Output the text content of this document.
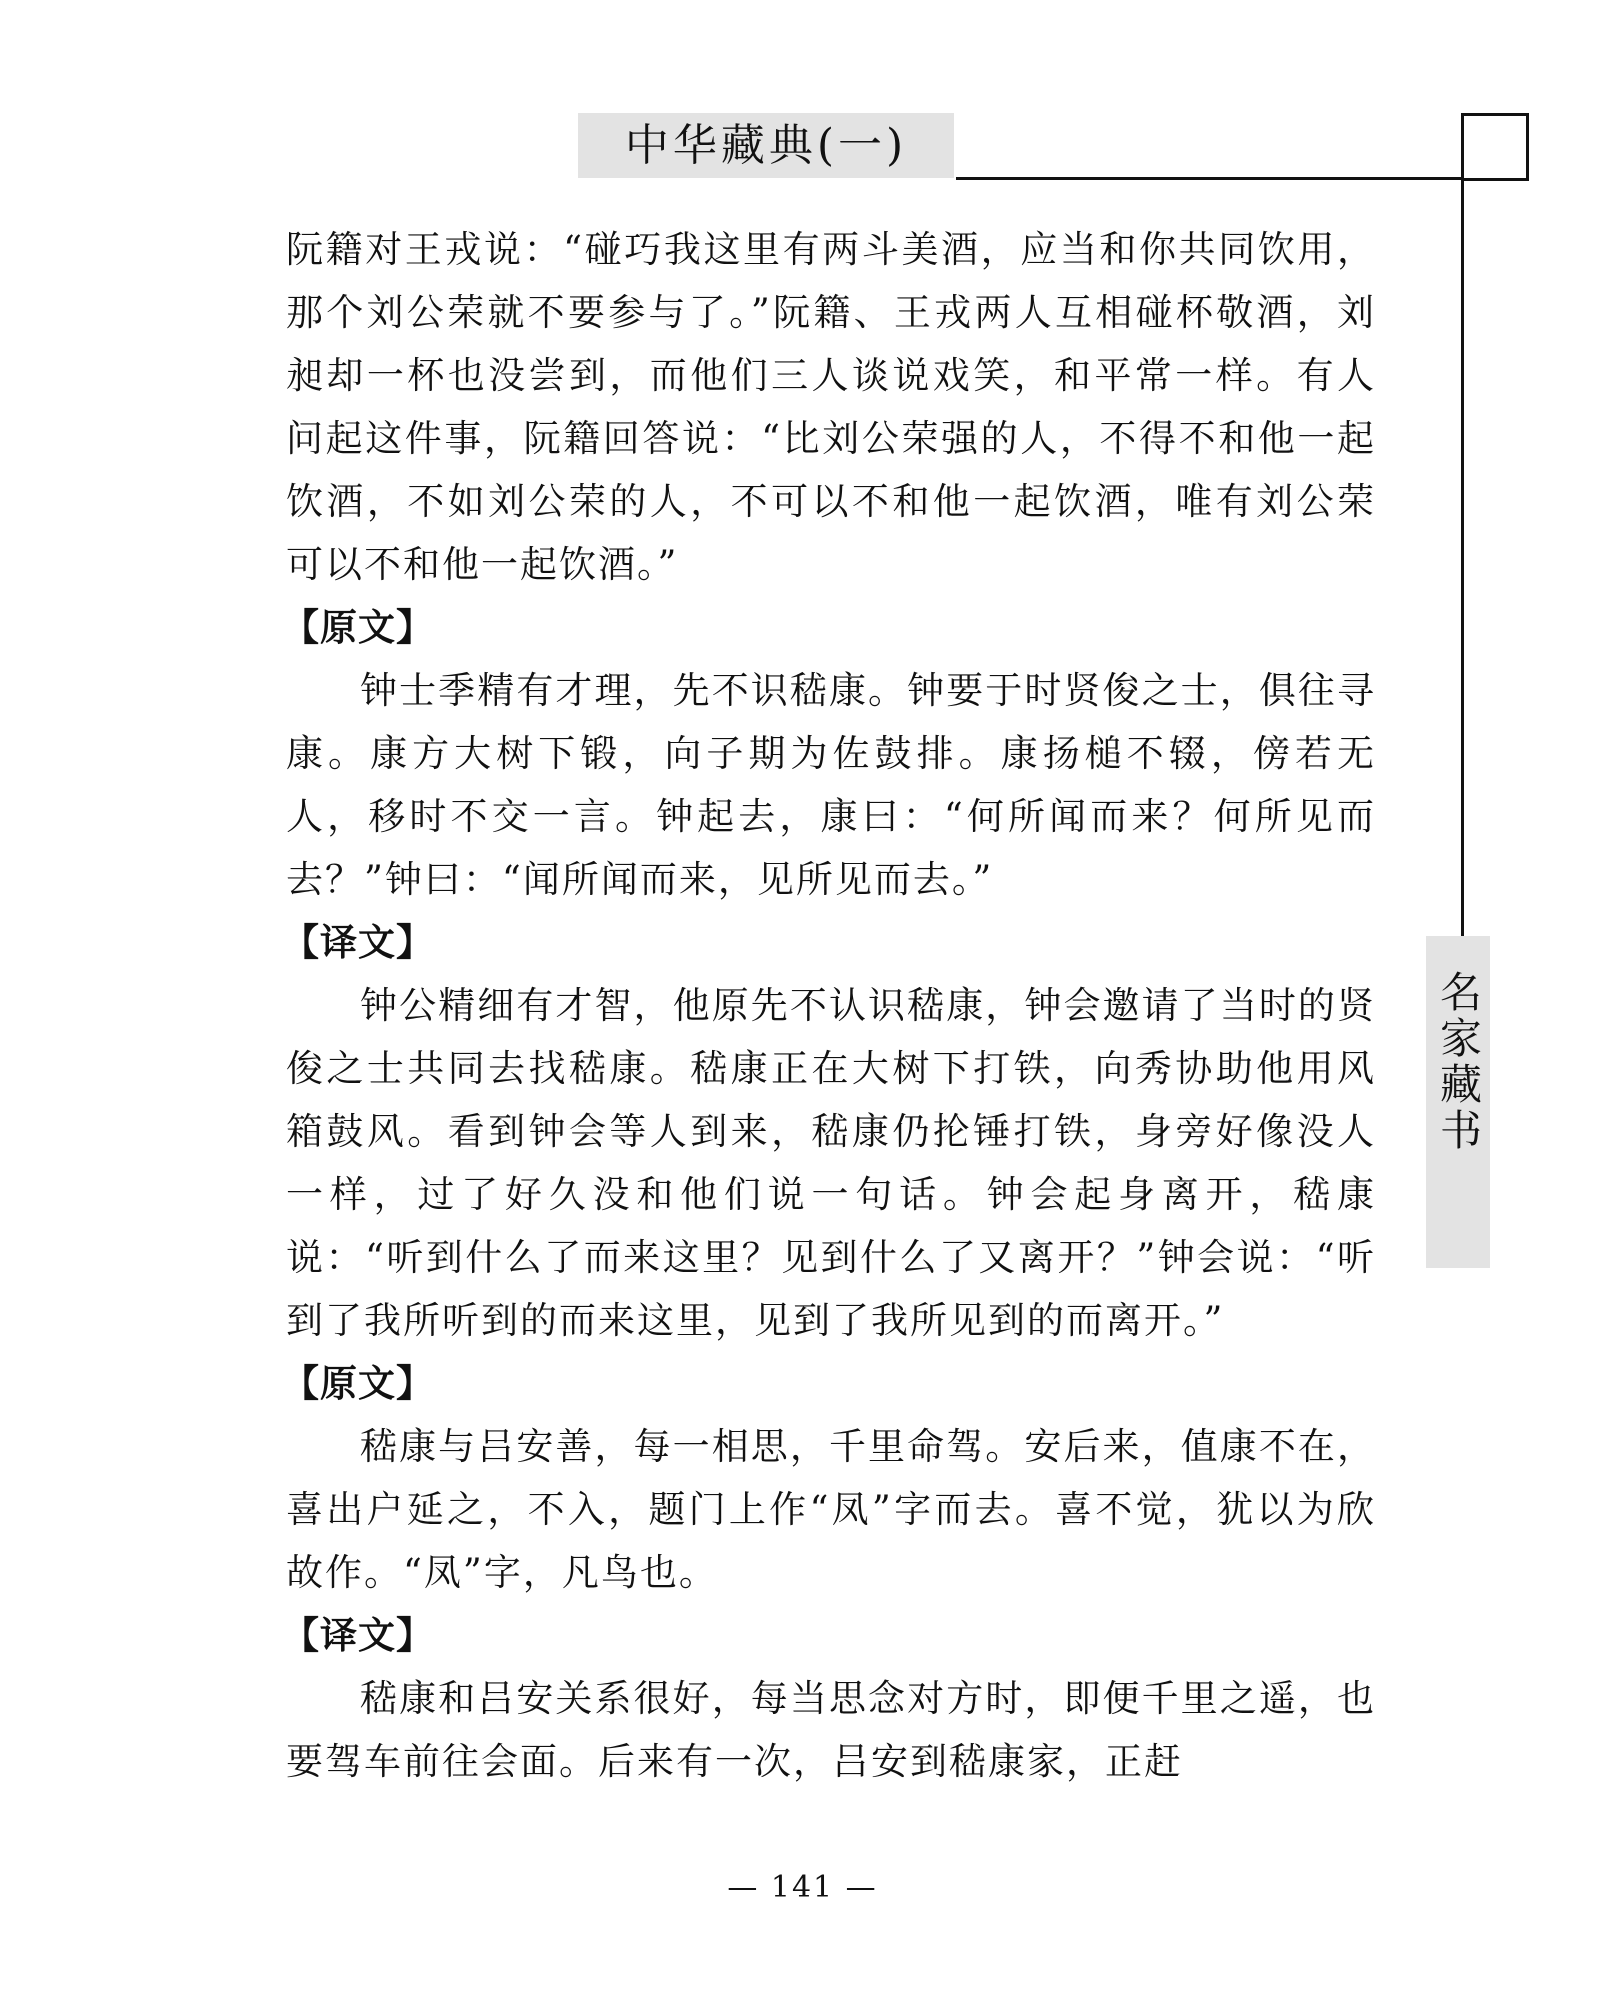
中华藏典(一)
名家藏书

阮籍对王戎说：“碰巧我这里有两斗美酒，应当和你共同饮用，那个刘公荣就不要参与了。”阮籍、王戎两人互相碰杯敬酒，刘昶却一杯也没尝到，而他们三人谈说戏笑，和平常一样。有人问起这件事，阮籍回答说：“比刘公荣强的人，不得不和他一起饮酒，不如刘公荣的人，不可以不和他一起饮酒，唯有刘公荣可以不和他一起饮酒。”

【原文】

钟士季精有才理，先不识嵇康。钟要于时贤俊之士，俱往寻康。康方大树下锻，向子期为佐鼓排。康扬槌不辍，傍若无人，移时不交一言。钟起去，康曰：“何所闻而来？何所见而去？”钟曰：“闻所闻而来，见所见而去。”

【译文】

钟公精细有才智，他原先不认识嵇康，钟会邀请了当时的贤俊之士共同去找嵇康。嵇康正在大树下打铁，向秀协助他用风箱鼓风。看到钟会等人到来，嵇康仍抡锤打铁，身旁好像没人一样，过了好久没和他们说一句话。钟会起身离开，嵇康说：“听到什么了而来这里？见到什么了又离开？”钟会说：“听到了我所听到的而来这里，见到了我所见到的而离开。”

【原文】

嵇康与吕安善，每一相思，千里命驾。安后来，值康不在，喜出户延之，不入，题门上作“凤”字而去。喜不觉，犹以为欣故作。“凤”字，凡鸟也。

【译文】

嵇康和吕安关系很好，每当思念对方时，即便千里之遥，也要驾车前往会面。后来有一次，吕安到嵇康家，正赶

— 141 —
